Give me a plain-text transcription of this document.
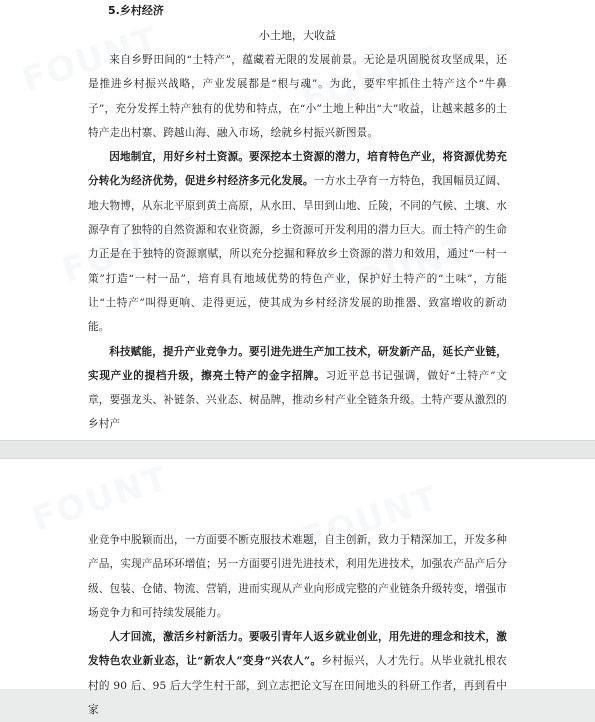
5.乡村经济

小土地，大收益

来自乡野田间的“土特产”，蕴藏着无限的发展前景。无论是巩固脱贫攻坚成果，还是推进乡村振兴战略，产业发展都是“根与魂”。为此，要牢牢抓住土特产这个“牛鼻子”，充分发挥土特产独有的优势和特点，在“小”土地上种出“大”收益，让越来越多的土特产走出村寨、跨越山海、融入市场，绘就乡村振兴新图景。

因地制宜，用好乡村土资源。要深挖本土资源的潜力，培育特色产业，将资源优势充分转化为经济优势，促进乡村经济多元化发展。一方水土孕育一方特色，我国幅员辽阔、地大物博，从东北平原到黄土高原，从水田、旱田到山地、丘陵，不同的气候、土壤、水源孕育了独特的自然资源和农业资源，乡土资源可开发利用的潜力巨大。而土特产的生命力正是在于独特的资源禀赋，所以充分挖掘和释放乡土资源的潜力和效用，通过“一村一策”打造“一村一品”，培育具有地域优势的特色产业，保护好土特产的“土味”，方能让“土特产”叫得更响、走得更远，使其成为乡村经济发展的助推器、致富增收的新动能。

科技赋能，提升产业竞争力。要引进先进生产加工技术，研发新产品，延长产业链，实现产业的提档升级，擦亮土特产的金字招牌。习近平总书记强调，做好“土特产”文章，要强龙头、补链条、兴业态、树品牌，推动乡村产业全链条升级。土特产要从激烈的乡村产

业竞争中脱颖而出，一方面要不断克服技术难题，自主创新，致力于精深加工，开发多种产品，实现产品环环增值；另一方面要引进先进技术，利用先进技术，加强农产品产后分级、包装、仓储、物流、营销，进而实现从产业向形成完整的产业链条升级转变，增强市场竞争力和可持续发展能力。

人才回流，激活乡村新活力。要吸引青年人返乡就业创业，用先进的理念和技术，激发特色农业新业态，让“新农人”变身“兴农人”。乡村振兴，人才先行。从毕业就扎根农村的 90 后、95 后大学生村干部，到立志把论文写在田间地头的科研工作者，再到看中家
